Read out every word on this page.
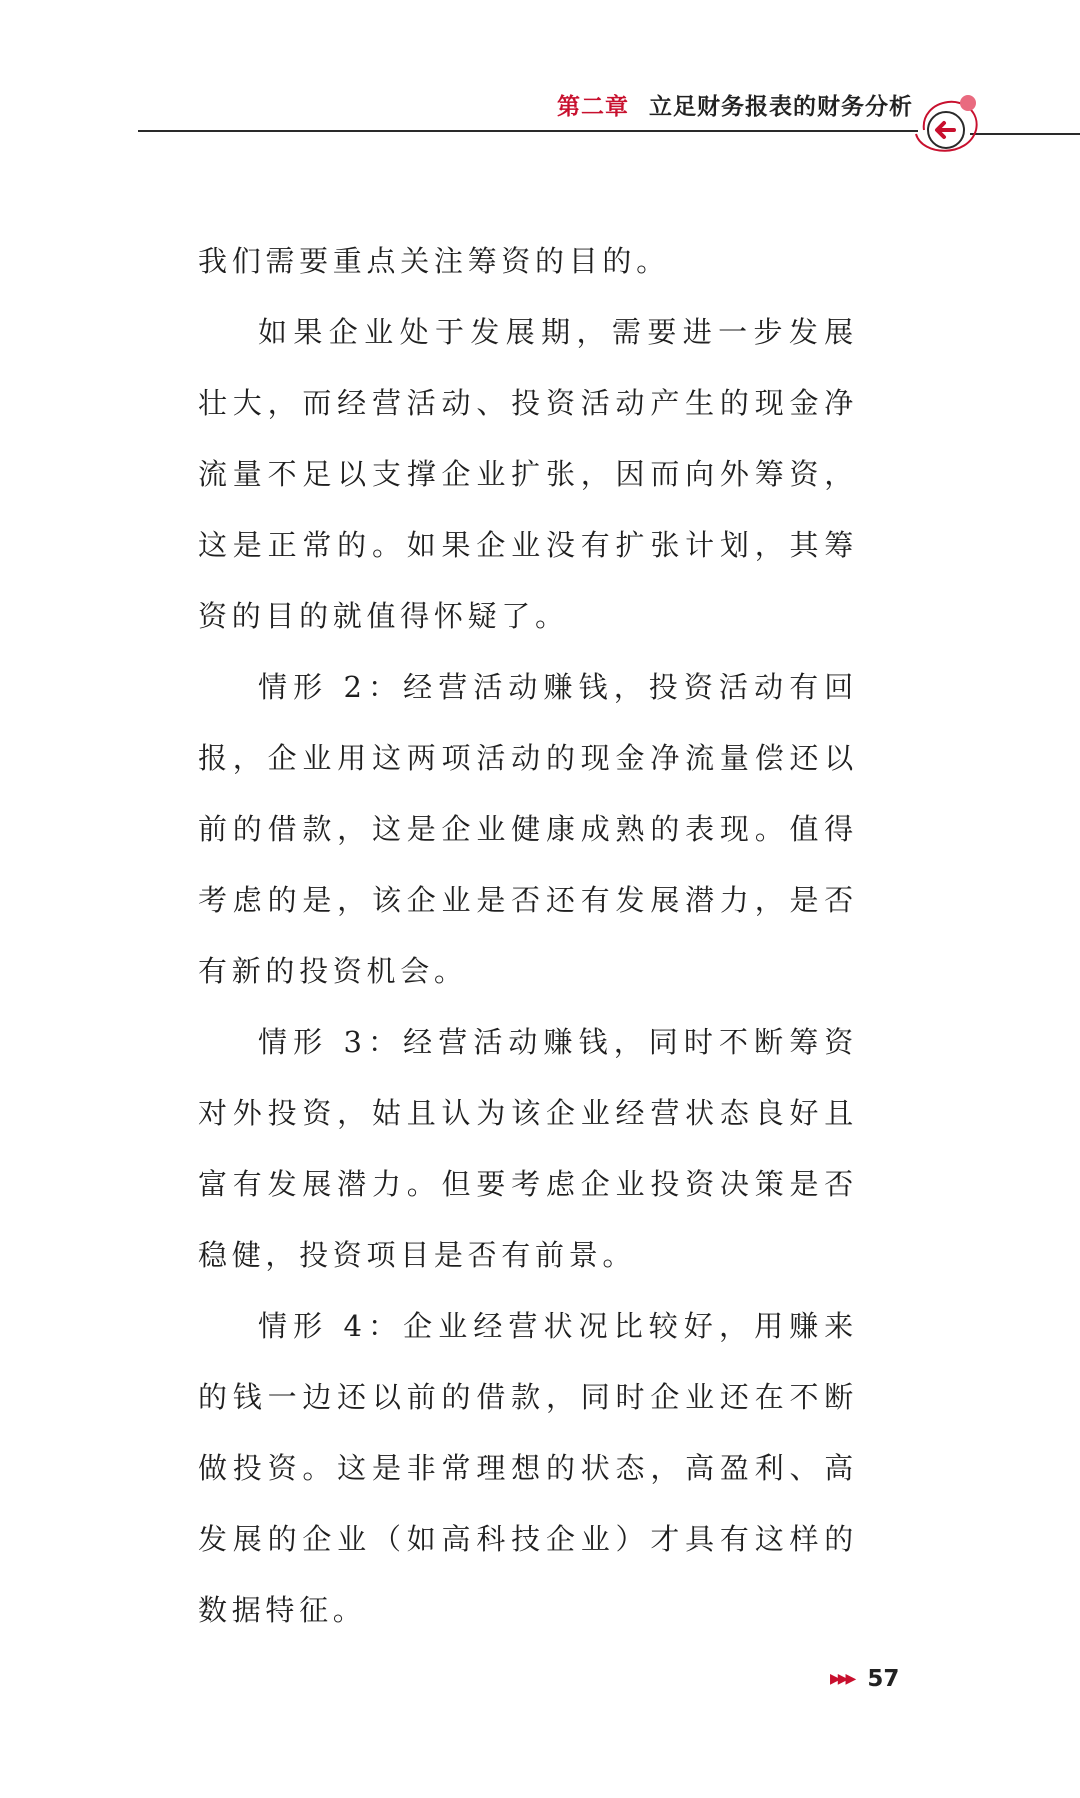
第二章 立足财务报表的财务分析

我们需要重点关注筹资的目的。

如果企业处于发展期，需要进一步发展壮大，而经营活动、投资活动产生的现金净流量不足以支撑企业扩张，因而向外筹资，这是正常的。如果企业没有扩张计划，其筹资的目的就值得怀疑了。

情形 2：经营活动赚钱，投资活动有回报，企业用这两项活动的现金净流量偿还以前的借款，这是企业健康成熟的表现。值得考虑的是，该企业是否还有发展潜力，是否有新的投资机会。

情形 3：经营活动赚钱，同时不断筹资对外投资，姑且认为该企业经营状态良好且富有发展潜力。但要考虑企业投资决策是否稳健，投资项目是否有前景。

情形 4：企业经营状况比较好，用赚来的钱一边还以前的借款，同时企业还在不断做投资。这是非常理想的状态，高盈利、高发展的企业（如高科技企业）才具有这样的数据特征。

▶▶▶ 57
